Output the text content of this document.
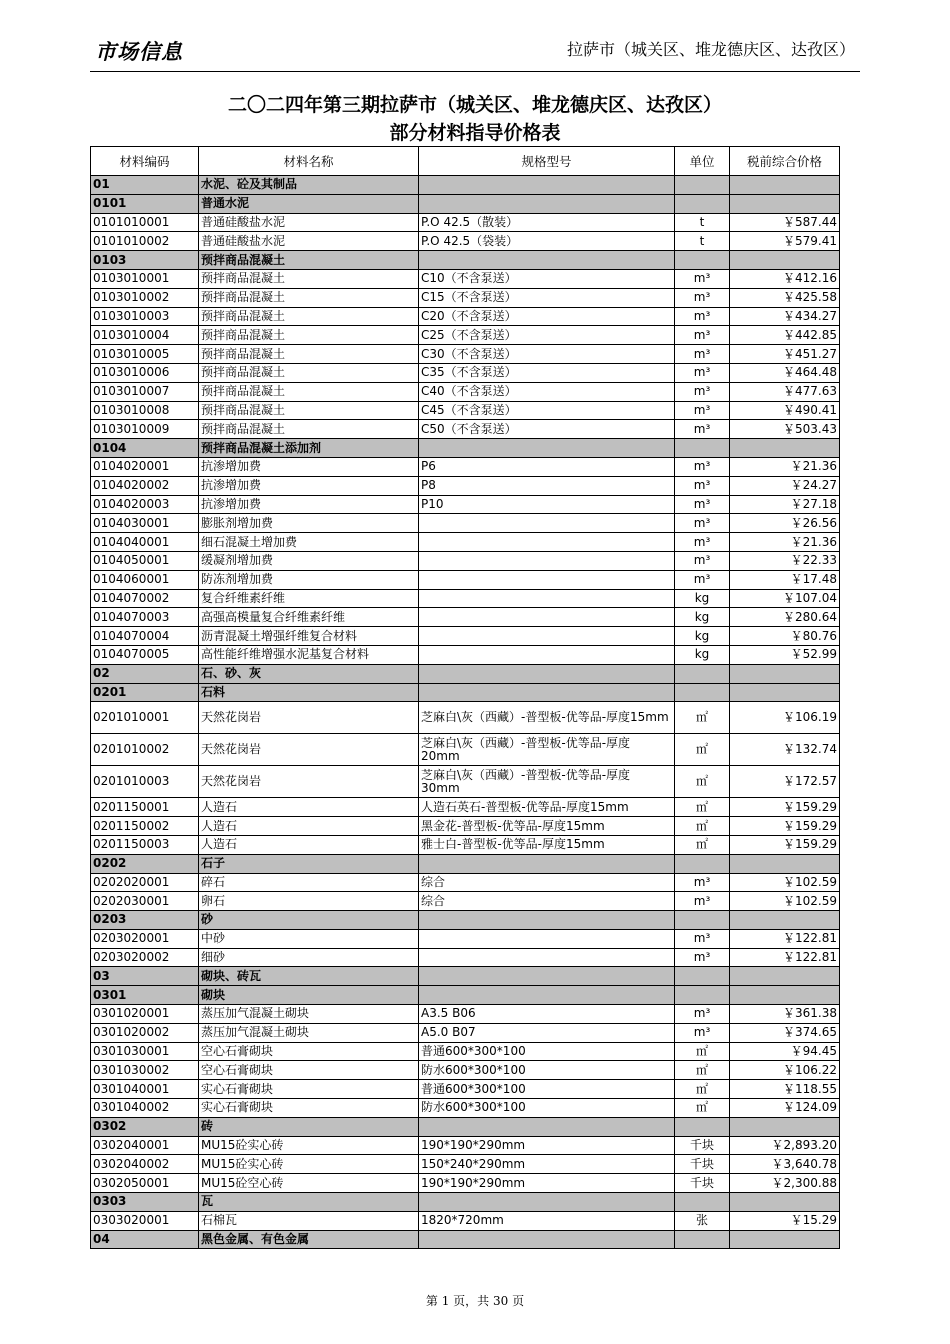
市场信息	拉萨市（城关区、堆龙德庆区、达孜区）
二〇二四年第三期拉萨市（城关区、堆龙德庆区、达孜区）
部分材料指导价格表
材料编码	材料名称	规格型号	单位	税前综合价格
01	水泥、砼及其制品			
0101	普通水泥			
0101010001	普通硅酸盐水泥	P.O 42.5（散装）	t	￥587.44
0101010002	普通硅酸盐水泥	P.O 42.5（袋装）	t	￥579.41
0103	预拌商品混凝土			
0103010001	预拌商品混凝土	C10（不含泵送）	m³	￥412.16
0103010002	预拌商品混凝土	C15（不含泵送）	m³	￥425.58
0103010003	预拌商品混凝土	C20（不含泵送）	m³	￥434.27
0103010004	预拌商品混凝土	C25（不含泵送）	m³	￥442.85
0103010005	预拌商品混凝土	C30（不含泵送）	m³	￥451.27
0103010006	预拌商品混凝土	C35（不含泵送）	m³	￥464.48
0103010007	预拌商品混凝土	C40（不含泵送）	m³	￥477.63
0103010008	预拌商品混凝土	C45（不含泵送）	m³	￥490.41
0103010009	预拌商品混凝土	C50（不含泵送）	m³	￥503.43
0104	预拌商品混凝土添加剂			
0104020001	抗渗增加费	P6	m³	￥21.36
0104020002	抗渗增加费	P8	m³	￥24.27
0104020003	抗渗增加费	P10	m³	￥27.18
0104030001	膨胀剂增加费		m³	￥26.56
0104040001	细石混凝土增加费		m³	￥21.36
0104050001	缓凝剂增加费		m³	￥22.33
0104060001	防冻剂增加费		m³	￥17.48
0104070002	复合纤维素纤维		kg	￥107.04
0104070003	高强高模量复合纤维素纤维		kg	￥280.64
0104070004	沥青混凝土增强纤维复合材料		kg	￥80.76
0104070005	高性能纤维增强水泥基复合材料		kg	￥52.99
02	石、砂、灰			
0201	石料			
0201010001	天然花岗岩	芝麻白\灰（西藏）-普型板-优等品-厚度15mm	㎡	￥106.19
0201010002	天然花岗岩	芝麻白\灰（西藏）-普型板-优等品-厚度 20mm	㎡	￥132.74
0201010003	天然花岗岩	芝麻白\灰（西藏）-普型板-优等品-厚度 30mm	㎡	￥172.57
0201150001	人造石	人造石英石-普型板-优等品-厚度15mm	㎡	￥159.29
0201150002	人造石	黑金花-普型板-优等品-厚度15mm	㎡	￥159.29
0201150003	人造石	雅士白-普型板-优等品-厚度15mm	㎡	￥159.29
0202	石子			
0202020001	碎石	综合	m³	￥102.59
0202030001	卵石	综合	m³	￥102.59
0203	砂			
0203020001	中砂		m³	￥122.81
0203020002	细砂		m³	￥122.81
03	砌块、砖瓦			
0301	砌块			
0301020001	蒸压加气混凝土砌块	A3.5 B06	m³	￥361.38
0301020002	蒸压加气混凝土砌块	A5.0 B07	m³	￥374.65
0301030001	空心石膏砌块	普通600*300*100	㎡	￥94.45
0301030002	空心石膏砌块	防水600*300*100	㎡	￥106.22
0301040001	实心石膏砌块	普通600*300*100	㎡	￥118.55
0301040002	实心石膏砌块	防水600*300*100	㎡	￥124.09
0302	砖			
0302040001	MU15砼实心砖	190*190*290mm	千块	￥2,893.20
0302040002	MU15砼实心砖	150*240*290mm	千块	￥3,640.78
0302050001	MU15砼空心砖	190*190*290mm	千块	￥2,300.88
0303	瓦			
0303020001	石棉瓦	1820*720mm	张	￥15.29
04	黑色金属、有色金属			
第 1 页，共 30 页
